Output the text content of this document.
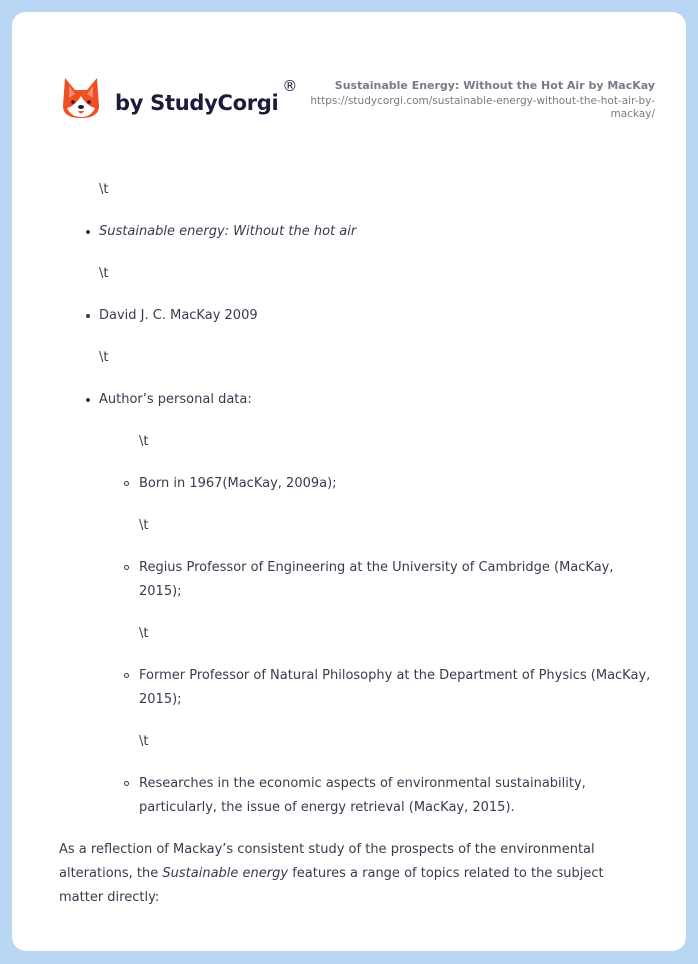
by StudyCorgi
®	Sustainable Energy: Without the Hot Air by MacKay
https://studycorgi.com/sustainable-energy-without-the-hot-air-by-mackay/
\t
Sustainable energy: Without the hot air
\t
David J. C. MacKay 2009
\t
Author’s personal data:
\t
Born in 1967(MacKay, 2009a);
\t
Regius Professor of Engineering at the University of Cambridge (MacKay, 2015);
\t
Former Professor of Natural Philosophy at the Department of Physics (MacKay, 2015);
\t
Researches in the economic aspects of environmental sustainability, particularly, the issue of energy retrieval (MacKay, 2015).

As a reflection of Mackay’s consistent study of the prospects of the environmental alterations, the Sustainable energy features a range of topics related to the subject matter directly:
